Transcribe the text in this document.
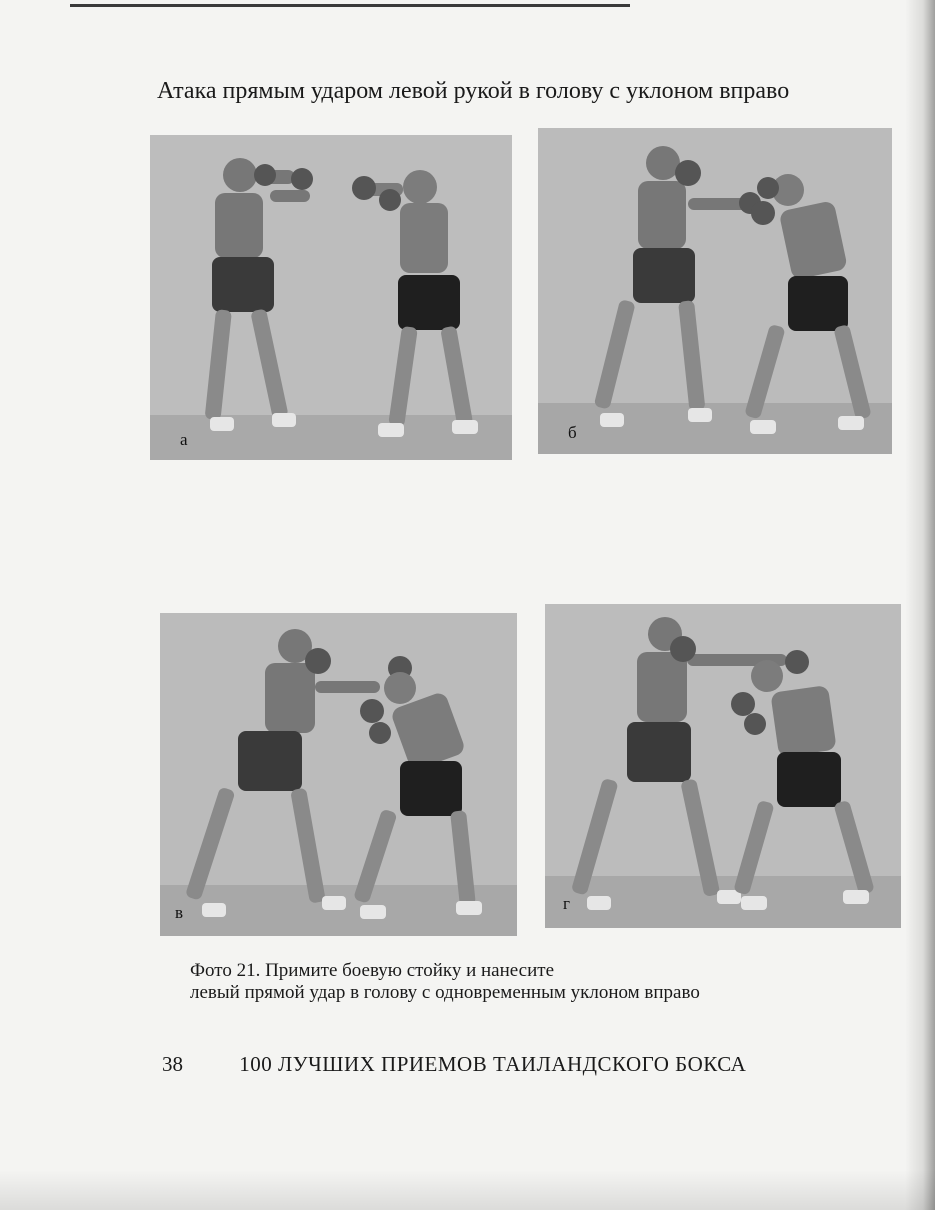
Атака прямым ударом левой рукой в голову с уклоном вправо
а	б
в	г
Фото 21. Примите боевую стойку и нанесите
левый прямой удар в голову с одновременным уклоном вправо
38	100 ЛУЧШИХ ПРИЕМОВ ТАИЛАНДСКОГО БОКСА
